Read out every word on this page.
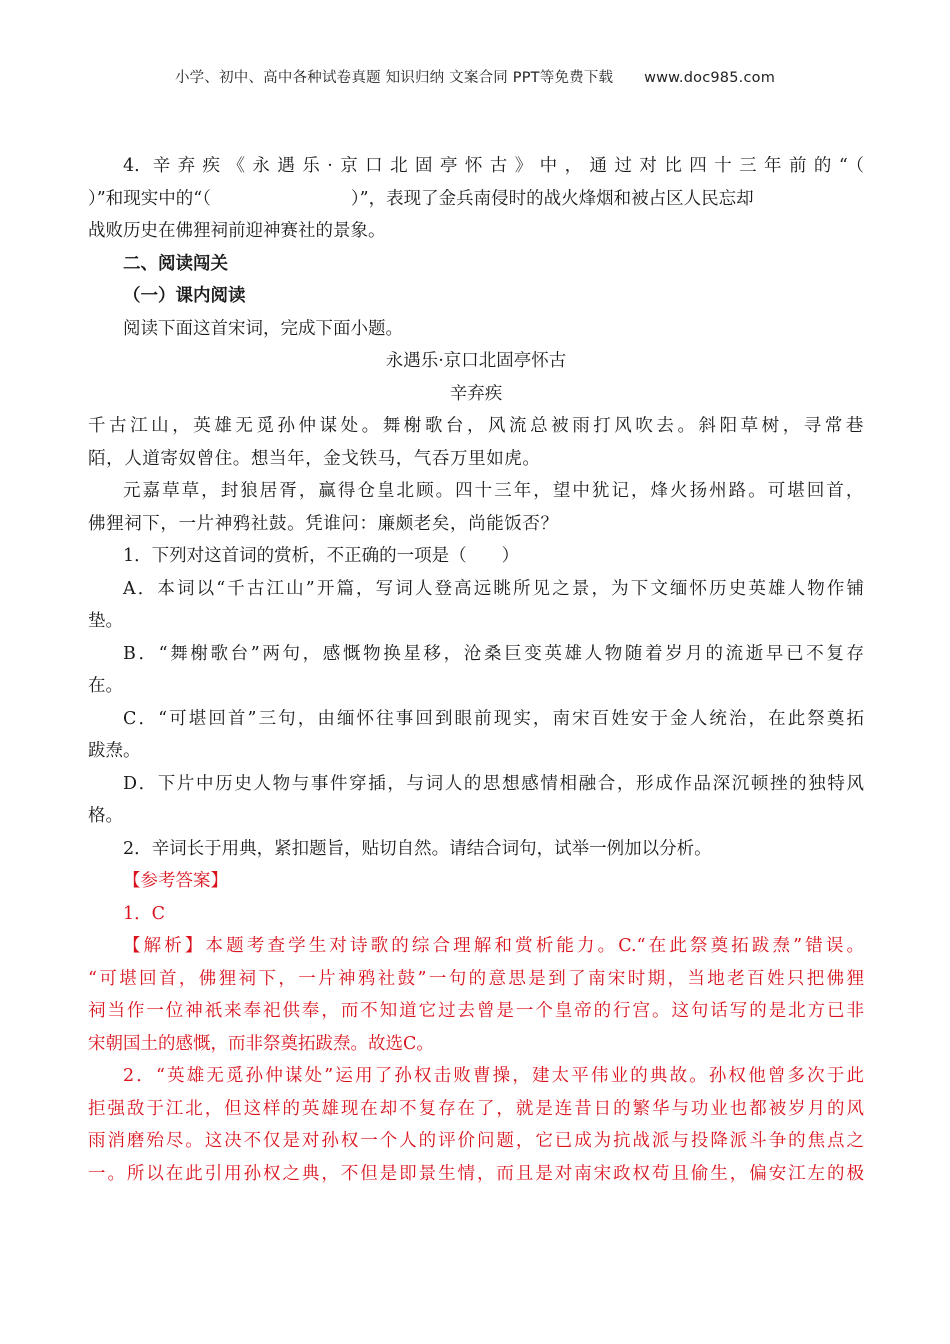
小学、初中、高中各种试卷真题 知识归纳 文案合同 PPT等免费下载 www.doc985.com
4. 辛弃疾《永遇乐·京口北固亭怀古》中，通过对比四十三年前的“（
）”和现实中的“（	）”，表现了金兵南侵时的战火烽烟和被占区人民忘却
战败历史在佛狸祠前迎神赛社的景象。
二、阅读闯关
（一）课内阅读
阅读下面这首宋词，完成下面小题。
永遇乐·京口北固亭怀古
辛弃疾
千古江山，英雄无觅孙仲谋处。舞榭歌台，风流总被雨打风吹去。斜阳草树，寻常巷
陌，人道寄奴曾住。想当年，金戈铁马，气吞万里如虎。
元嘉草草，封狼居胥，赢得仓皇北顾。四十三年，望中犹记，烽火扬州路。可堪回首，
佛狸祠下，一片神鸦社鼓。凭谁问：廉颇老矣，尚能饭否？
1．下列对这首词的赏析，不正确的一项是（　　）
A．本词以“千古江山”开篇，写词人登高远眺所见之景，为下文缅怀历史英雄人物作铺
垫。
B．“舞榭歌台”两句，感慨物换星移，沧桑巨变英雄人物随着岁月的流逝早已不复存
在。
C．“可堪回首”三句，由缅怀往事回到眼前现实，南宋百姓安于金人统治，在此祭奠拓
跋焘。
D．下片中历史人物与事件穿插，与词人的思想感情相融合，形成作品深沉顿挫的独特风
格。
2．辛词长于用典，紧扣题旨，贴切自然。请结合词句，试举一例加以分析。
【参考答案】
1．C
【解析】本题考查学生对诗歌的综合理解和赏析能力。C.“在此祭奠拓跋焘”错误。
“可堪回首，佛狸祠下，一片神鸦社鼓”一句的意思是到了南宋时期，当地老百姓只把佛狸
祠当作一位神祇来奉祀供奉，而不知道它过去曾是一个皇帝的行宫。这句话写的是北方已非
宋朝国土的感慨，而非祭奠拓跋焘。故选C。
2．“英雄无觅孙仲谋处”运用了孙权击败曹操，建太平伟业的典故。孙权他曾多次于此
拒强敌于江北，但这样的英雄现在却不复存在了，就是连昔日的繁华与功业也都被岁月的风
雨消磨殆尽。这决不仅是对孙权一个人的评价问题，它已成为抗战派与投降派斗争的焦点之
一。所以在此引用孙权之典，不但是即景生情，而且是对南宋政权苟且偷生，偏安江左的极
